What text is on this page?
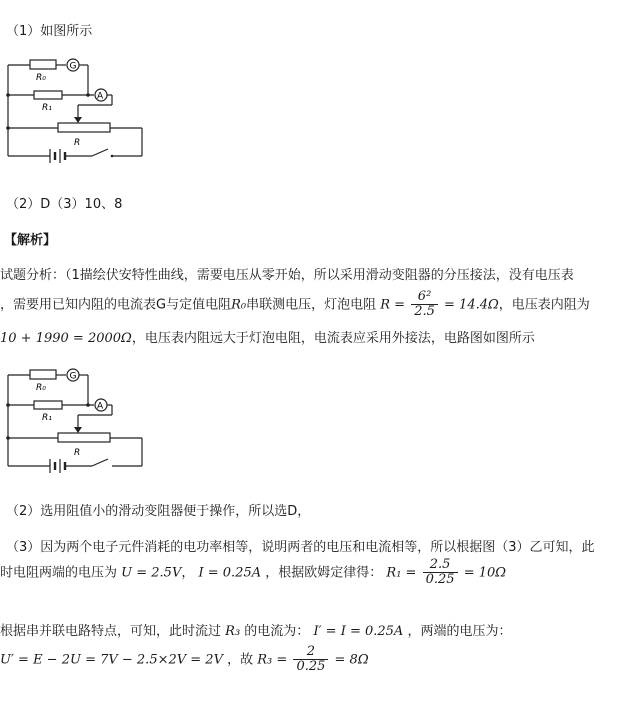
（1）如图所示
R₀
G
R₁
A
R
（2）D（3）10、8
【解析】
试题分析：（1描绘伏安特性曲线，需要电压从零开始，所以采用滑动变阻器的分压接法，没有电压表
，需要用已知内阻的电流表G与定值电阻R₀串联测电压，灯泡电阻 $R = \frac{\text{6²}}{2.5} = 14.4\Omega$，电压表内阻为
10 + 1990 = 2000Ω，电压表内阻远大于灯泡电阻，电流表应采用外接法，电路图如图所示
R₀
G
R₁
A
R
（2）选用阻值小的滑动变阻器便于操作，所以选D，
（3）因为两个电子元件消耗的电功率相等，说明两者的电压和电流相等，所以根据图（3）乙可知，此
时电阻两端的电压为 U = 2.5V， I = 0.25A ，根据欧姆定律得： $R_1 = \frac{2.5}{0.25} = 10\Omega$
根据串并联电路特点，可知，此时流过 R₃ 的电流为： I′ = I = 0.25A ，两端的电压为：
U′ = E − 2U = 7V − 2.5×2V = 2V ，故 $R_3 = \frac{2}{0.25} = 8\Omega$
